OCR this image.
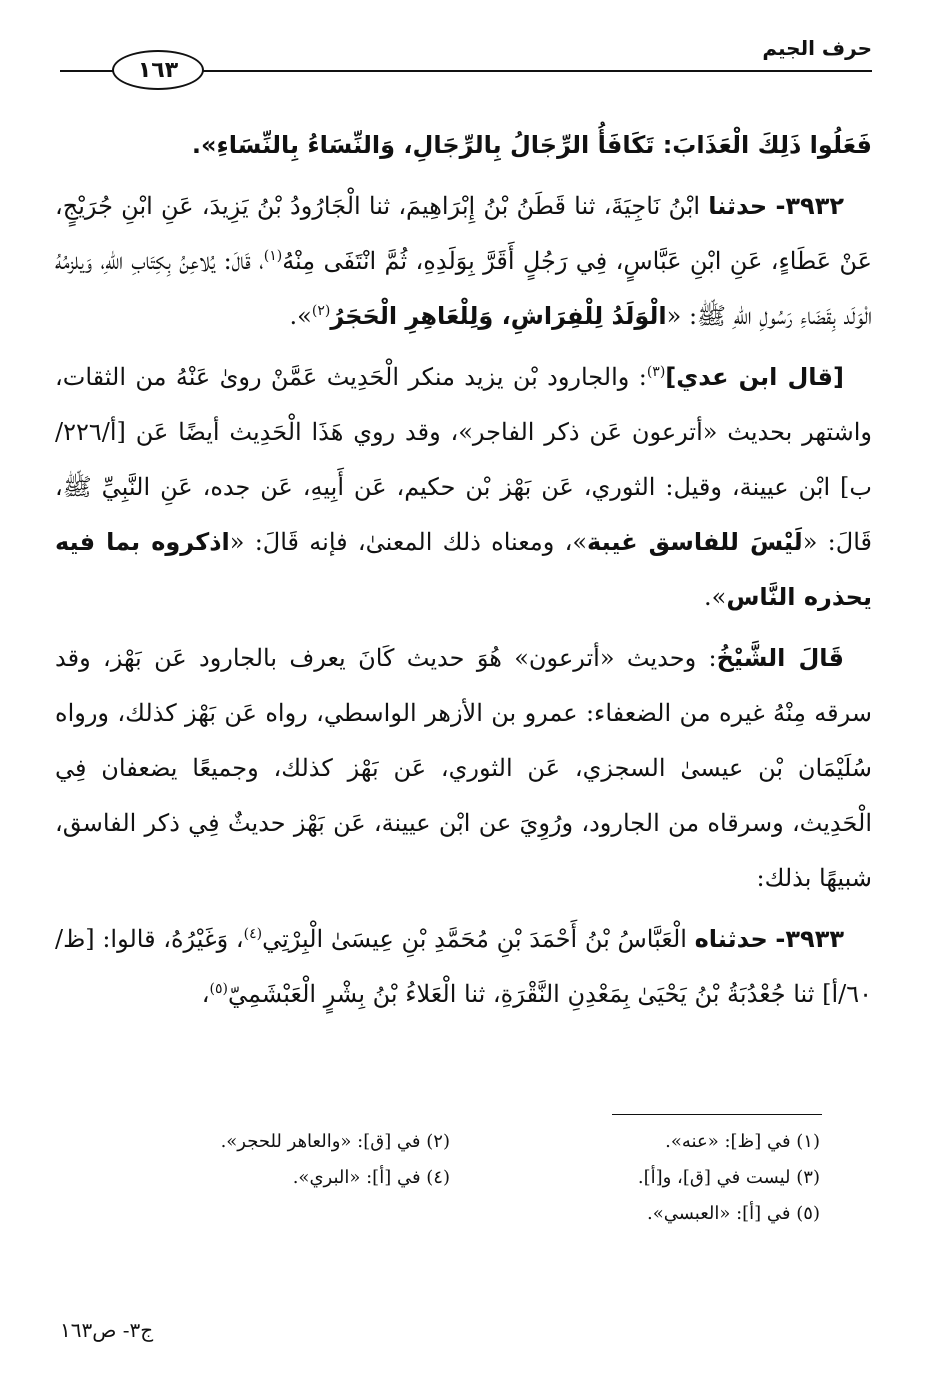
حرف الجيم
١٦٣

فَعَلُوا ذَلِكَ الْعَذَابَ: تَكَافَأُ الرِّجَالُ بِالرِّجَالِ، وَالنِّسَاءُ بِالنِّسَاءِ».

٣٩٣٢- حدثنا ابْنُ نَاجِيَةَ، ثنا قَطَنُ بْنُ إِبْرَاهِيمَ، ثنا الْجَارُودُ بْنُ يَزِيدَ، عَنِ ابْنِ جُرَيْجٍ، عَنْ عَطَاءٍ، عَنِ ابْنِ عَبَّاسٍ، فِي رَجُلٍ أَقَرَّ بِوَلَدِهِ، ثُمَّ انْتَفَى مِنْهُ$^{(١)}$، قَالَ: يُلاعِنُ بِكِتَابِ اللهِ، وَيلزمُهُ الْوَلَد بِقَضَاءِ رَسُولِ اللهِ ﷺ: «الْوَلَدُ لِلْفِرَاشِ، وَلِلْعَاهِرِ الْحَجَرُ$^{(٢)}$».

[قال ابن عدي]$^{(٣)}$: والجارود بْن يزيد منكر الْحَدِيث عَمَّنْ روىٰ عَنْهُ من الثقات، واشتهر بحديث «أترعون عَن ذكر الفاجر»، وقد روي هَذَا الْحَدِيث أيضًا عَن [أ/٢٢٦/ب] ابْن عيينة، وقيل: الثوري، عَن بَهْز بْن حكيم، عَن أَبِيهِ، عَن جده، عَنِ النَّبِيِّ ﷺ، قَالَ: «لَيْسَ للفاسق غيبة»، ومعناه ذلك المعنىٰ، فإنه قَالَ: «اذكروه بما فيه يحذره النَّاس».

قَالَ الشَّيْخُ: وحديث «أترعون» هُوَ حديث كَانَ يعرف بالجارود عَن بَهْز، وقد سرقه مِنْهُ غيره من الضعفاء: عمرو بن الأزهر الواسطي، رواه عَن بَهْز كذلك، ورواه سُلَيْمَان بْن عيسىٰ السجزي، عَن الثوري، عَن بَهْز كذلك، وجميعًا يضعفان فِي الْحَدِيث، وسرقاه من الجارود، ورُوِيَ عن ابْن عيينة، عَن بَهْز حديثٌ فِي ذكر الفاسق، شبيهًا بذلك:

٣٩٣٣- حدثناه الْعَبَّاسُ بْنُ أَحْمَدَ بْنِ مُحَمَّدِ بْنِ عِيسَىٰ الْبِرْتِي$^{(٤)}$، وَغَيْرُهُ، قالوا: [ظ/٦٠/أ] ثنا جُعْدُبَةُ بْنُ يَحْيَىٰ بِمَعْدِنِ النَّقْرَةِ، ثنا الْعَلاءُ بْنُ بِشْرٍ الْعَبْشَمِيّ$^{(٥)}$،

(١) في [ظ]: «عنه».
(٢) في [ق]: «والعاهر للحجر».
(٣) ليست في [ق]، و[أ].
(٤) في [أ]: «البري».
(٥) في [أ]: «العبسي».
ج٣- ص١٦٣
